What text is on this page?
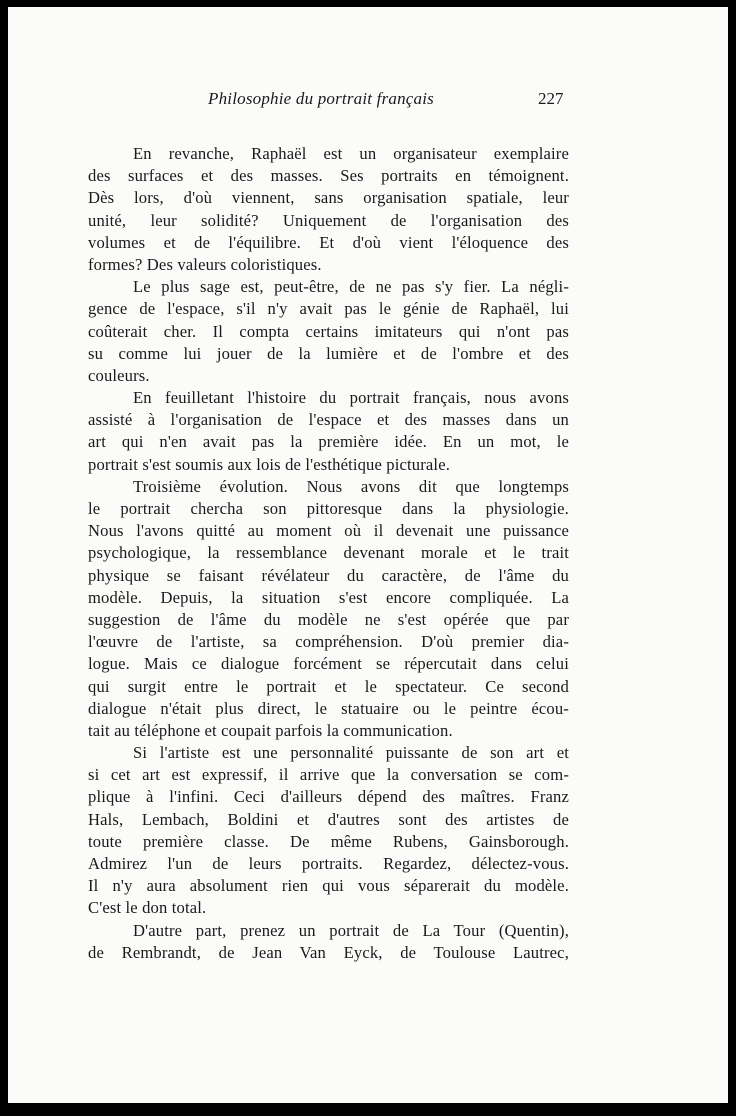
Philosophie du portrait français	227
En revanche, Raphaël est un organisateur exemplaire
des surfaces et des masses. Ses portraits en témoignent.
Dès lors, d'où viennent, sans organisation spatiale, leur
unité, leur solidité? Uniquement de l'organisation des
volumes et de l'équilibre. Et d'où vient l'éloquence des
formes? Des valeurs coloristiques.
Le plus sage est, peut-être, de ne pas s'y fier. La négli-
gence de l'espace, s'il n'y avait pas le génie de Raphaël, lui
coûterait cher. Il compta certains imitateurs qui n'ont pas
su comme lui jouer de la lumière et de l'ombre et des
couleurs.
En feuilletant l'histoire du portrait français, nous avons
assisté à l'organisation de l'espace et des masses dans un
art qui n'en avait pas la première idée. En un mot, le
portrait s'est soumis aux lois de l'esthétique picturale.
Troisième évolution. Nous avons dit que longtemps
le portrait chercha son pittoresque dans la physiologie.
Nous l'avons quitté au moment où il devenait une puissance
psychologique, la ressemblance devenant morale et le trait
physique se faisant révélateur du caractère, de l'âme du
modèle. Depuis, la situation s'est encore compliquée. La
suggestion de l'âme du modèle ne s'est opérée que par
l'œuvre de l'artiste, sa compréhension. D'où premier dia-
logue. Mais ce dialogue forcément se répercutait dans celui
qui surgit entre le portrait et le spectateur. Ce second
dialogue n'était plus direct, le statuaire ou le peintre écou-
tait au téléphone et coupait parfois la communication.
Si l'artiste est une personnalité puissante de son art et
si cet art est expressif, il arrive que la conversation se com-
plique à l'infini. Ceci d'ailleurs dépend des maîtres. Franz
Hals, Lembach, Boldini et d'autres sont des artistes de
toute première classe. De même Rubens, Gainsborough.
Admirez l'un de leurs portraits. Regardez, délectez-vous.
Il n'y aura absolument rien qui vous séparerait du modèle.
C'est le don total.
D'autre part, prenez un portrait de La Tour (Quentin),
de Rembrandt, de Jean Van Eyck, de Toulouse Lautrec,
